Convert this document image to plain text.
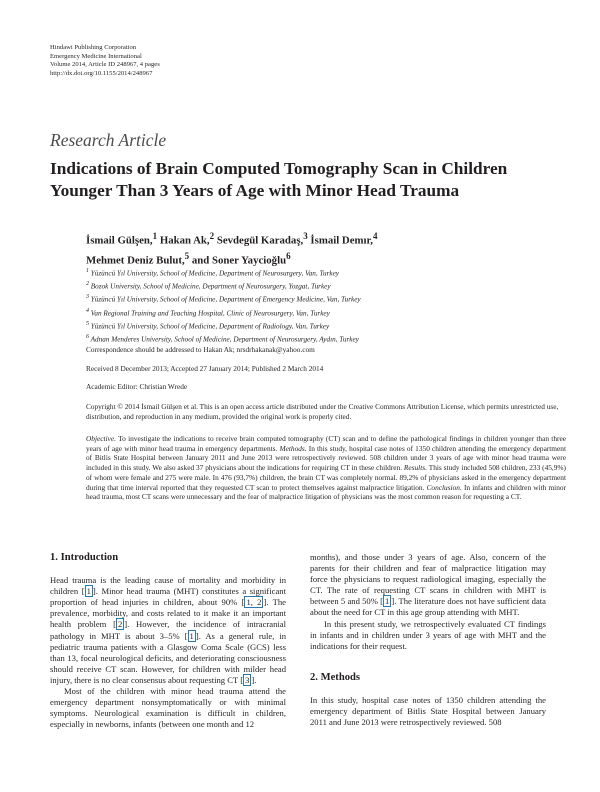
Hindawi Publishing Corporation
Emergency Medicine International
Volume 2014, Article ID 248967, 4 pages
http://dx.doi.org/10.1155/2014/248967
Research Article
Indications of Brain Computed Tomography Scan in Children Younger Than 3 Years of Age with Minor Head Trauma
İsmail Gülşen,$^1$ Hakan Ak,$^2$ Sevdegül Karadaş,$^3$ İsmail Demır,$^4$
Mehmet Deniz Bulut,$^5$ and Soner Yaycioğlu$^6$
$^1$ Yüzüncü Yıl University, School of Medicine, Department of Neurosurgery, Van, Turkey
$^2$ Bozok University, School of Medicine, Department of Neurosurgery, Yozgat, Turkey
$^3$ Yüzüncü Yıl University, School of Medicine, Department of Emergency Medicine, Van, Turkey
$^4$ Van Regional Training and Teaching Hospital, Clinic of Neurosurgery, Van, Turkey
$^5$ Yüzüncü Yıl University, School of Medicine, Department of Radiology, Van, Turkey
$^6$ Adnan Menderes University, School of Medicine, Department of Neurosurgery, Aydın, Turkey
Correspondence should be addressed to Hakan Ak; nrsdrhakanak@yahoo.com
Received 8 December 2013; Accepted 27 January 2014; Published 2 March 2014
Academic Editor: Christian Wrede
Copyright © 2014 İsmail Gülşen et al. This is an open access article distributed under the Creative Commons Attribution License, which permits unrestricted use, distribution, and reproduction in any medium, provided the original work is properly cited.
Objective. To investigate the indications to receive brain computed tomography (CT) scan and to define the pathological findings in children younger than three years of age with minor head trauma in emergency departments. Methods. In this study, hospital case notes of 1350 children attending the emergency department of Bitlis State Hospital between January 2011 and June 2013 were retrospectively reviewed. 508 children under 3 years of age with minor head trauma were included in this study. We also asked 37 physicians about the indications for requiring CT in these children. Results. This study included 508 children, 233 (45,9%) of whom were female and 275 were male. In 476 (93,7%) children, the brain CT was completely normal. 89,2% of physicians asked in the emergency department during that time interval reported that they requested CT scan to protect themselves against malpractice litigation. Conclusion. In infants and children with minor head trauma, most CT scans were unnecessary and the fear of malpractice litigation of physicians was the most common reason for requesting a CT.

1. Introduction

Head trauma is the leading cause of mortality and morbidity in children [ 1 ]. Minor head trauma (MHT) constitutes a significant proportion of head injuries in children, about 90% [ 1, 2 ]. The prevalence, morbidity, and costs related to it make it an important health problem [ 2 ]. However, the incidence of intracranial pathology in MHT is about 3–5% [ 1 ]. As a general rule, in pediatric trauma patients with a Glasgow Coma Scale (GCS) less than 13, focal neurological deficits, and deteriorating consciousness should receive CT scan. However, for children with milder head injury, there is no clear consensus about requesting CT [ 3 ].

Most of the children with minor head trauma attend the emergency department nonsymptomatically or with minimal symptoms. Neurological examination is difficult in children, especially in newborns, infants (between one month and 12

months), and those under 3 years of age. Also, concern of the parents for their children and fear of malpractice litigation may force the physicians to request radiological imaging, especially the CT. The rate of requesting CT scans in children with MHT is between 5 and 50% [ 1 ]. The literature does not have sufficient data about the need for CT in this age group attending with MHT.

In this present study, we retrospectively evaluated CT findings in infants and in children under 3 years of age with MHT and the indications for their request.

2. Methods

In this study, hospital case notes of 1350 children attending the emergency department of Bitlis State Hospital between January 2011 and June 2013 were retrospectively reviewed. 508
